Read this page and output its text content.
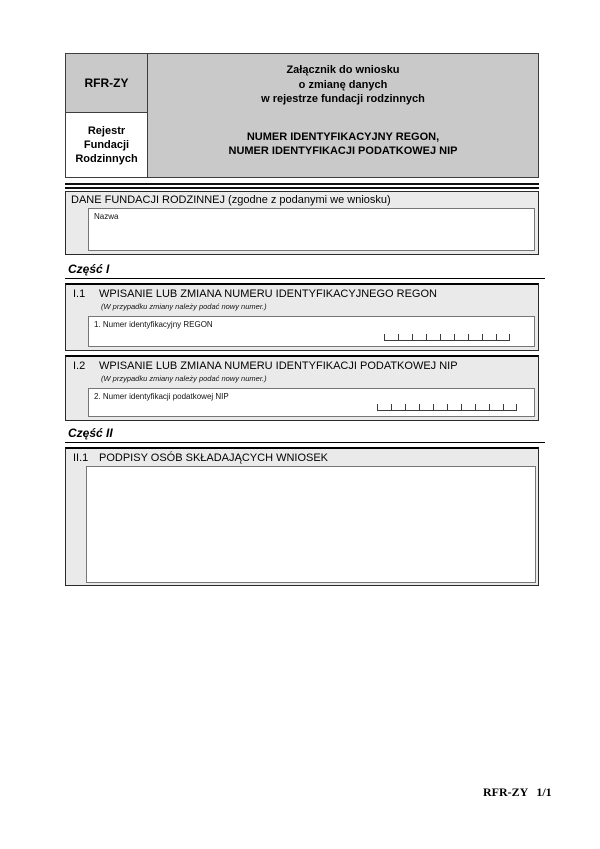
RFR-ZY
Rejestr
Fundacji
Rodzinnych
Załącznik do wniosku
o zmianę danych
w rejestrze fundacji rodzinnych
NUMER IDENTYFIKACYJNY REGON,
NUMER IDENTYFIKACJI PODATKOWEJ NIP
DANE FUNDACJI RODZINNEJ (zgodne z podanymi we wniosku)
Nazwa
Część I
I.1	WPISANIE LUB ZMIANA NUMERU IDENTYFIKACYJNEGO REGON
(W przypadku zmiany należy podać nowy numer.)
1. Numer identyfikacyjny REGON
I.2	WPISANIE LUB ZMIANA NUMERU IDENTYFIKACJI PODATKOWEJ NIP
(W przypadku zmiany należy podać nowy numer.)
2. Numer identyfikacji podatkowej NIP
Część II
II.1 PODPISY OSÓB SKŁADAJĄCYCH WNIOSEK
RFR-ZY 1/1
